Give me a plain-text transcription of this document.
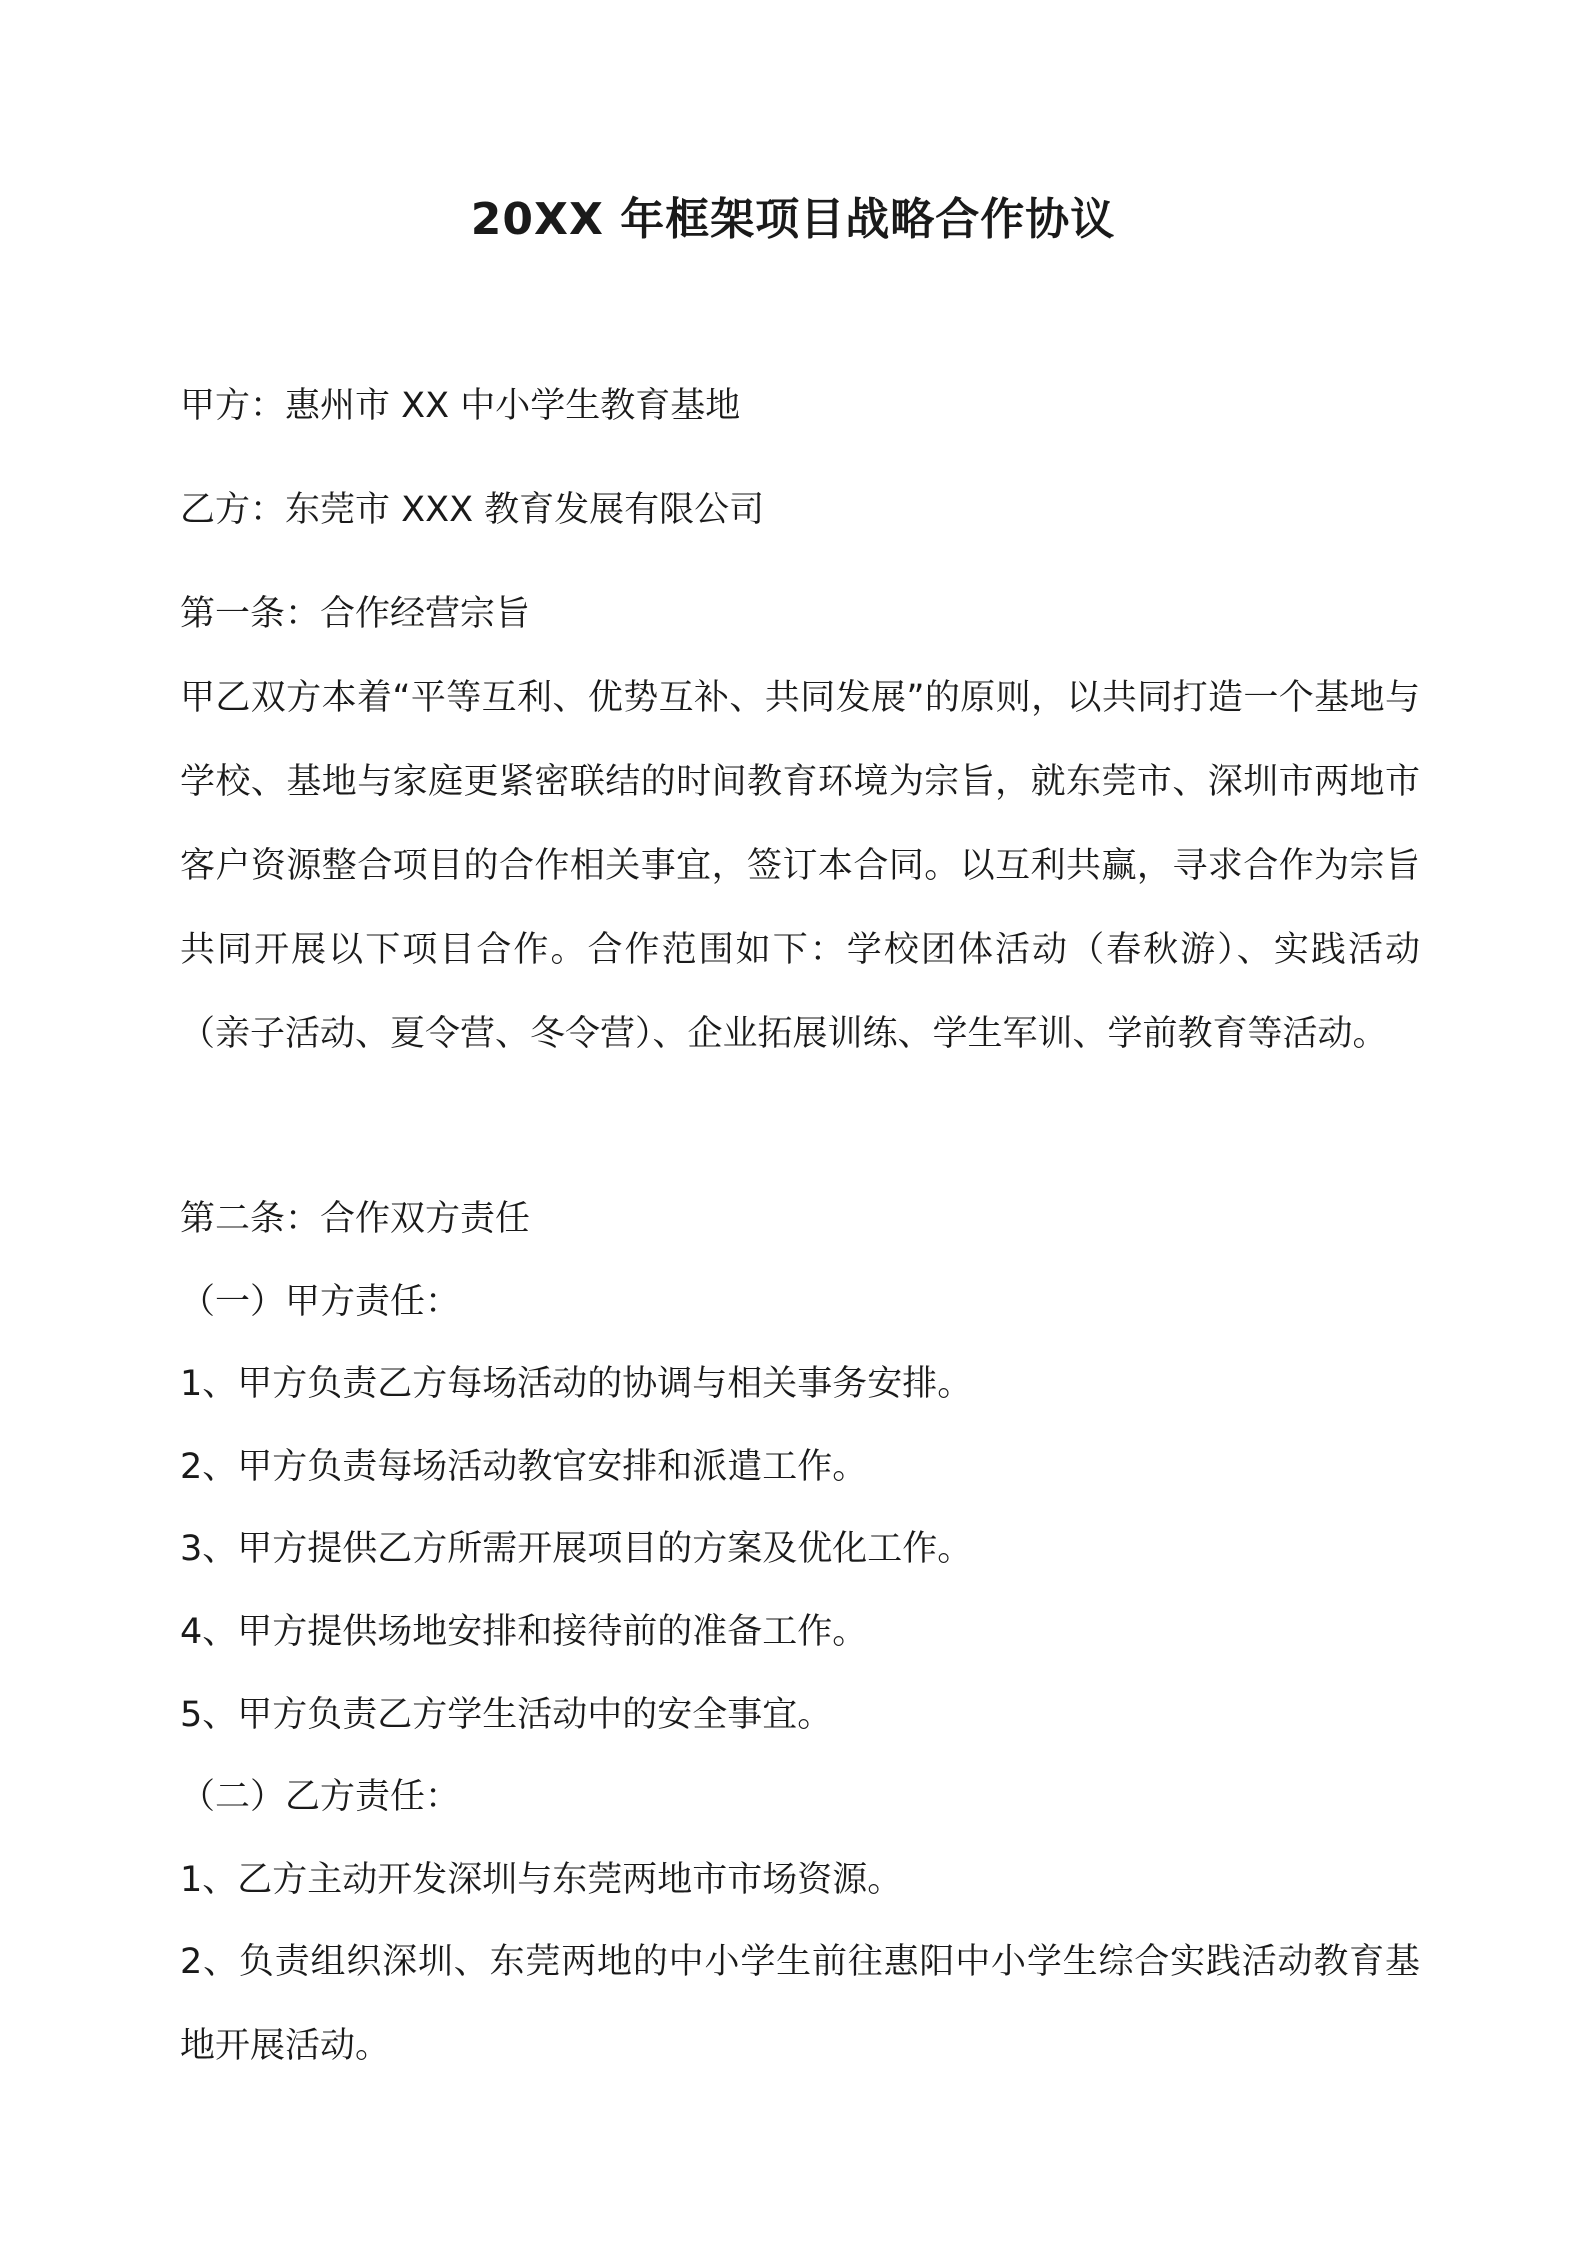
20XX 年框架项目战略合作协议

甲方：惠州市 XX 中小学生教育基地

乙方：东莞市 XXX 教育发展有限公司

第一条：合作经营宗旨

甲乙双方本着“平等互利、优势互补、共同发展”的原则，以共同打造一个基地与学校、基地与家庭更紧密联结的时间教育环境为宗旨，就东莞市、深圳市两地市客户资源整合项目的合作相关事宜，签订本合同。以互利共赢，寻求合作为宗旨共同开展以下项目合作。合作范围如下：学校团体活动（春秋游）、实践活动（亲子活动、夏令营、冬令营）、企业拓展训练、学生军训、学前教育等活动。

第二条：合作双方责任

（一）甲方责任：

1、甲方负责乙方每场活动的协调与相关事务安排。

2、甲方负责每场活动教官安排和派遣工作。

3、甲方提供乙方所需开展项目的方案及优化工作。

4、甲方提供场地安排和接待前的准备工作。

5、甲方负责乙方学生活动中的安全事宜。

（二）乙方责任：

1、乙方主动开发深圳与东莞两地市市场资源。

2、负责组织深圳、东莞两地的中小学生前往惠阳中小学生综合实践活动教育基地开展活动。
